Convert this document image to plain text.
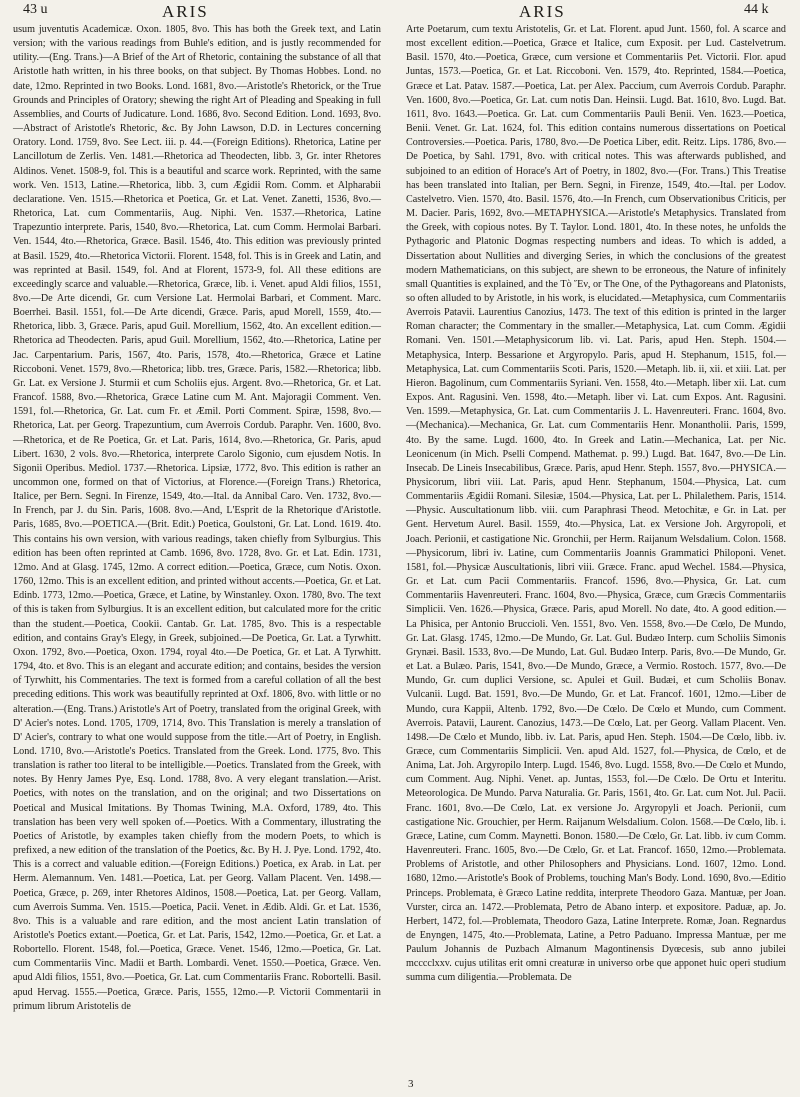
43 u	ARIS	ARIS	44 k

usum juventutis Academicæ. Oxon. 1805, 8vo. This has both the Greek text, and Latin version; with the various readings from Buhle's edition, and is justly recommended for utility.—(Eng. Trans.)—A Brief of the Art of Rhetoric, containing the substance of all that Aristotle hath written, in his three books, on that subject. By Thomas Hobbes. Lond. no date, 12mo. Reprinted in two Books. Lond. 1681, 8vo.—Aristotle's Rhetorick, or the True Grounds and Principles of Oratory; shewing the right Art of Pleading and Speaking in full Assemblies, and Courts of Judicature. Lond. 1686, 8vo. Second Edition. Lond. 1693, 8vo.—Abstract of Aristotle's Rhetoric, &c. By John Lawson, D.D. in Lectures concerning Oratory. Lond. 1759, 8vo. See Lect. iii. p. 44.—(Foreign Editions). Rhetorica, Latine per Lancillotum de Zerlis. Ven. 1481.—Rhetorica ad Theodecten, libb. 3, Gr. inter Rhetores Aldinos. Venet. 1508-9, fol. This is a beautiful and scarce work. Reprinted, with the same work. Ven. 1513, Latine.—Rhetorica, libb. 3, cum Ægidii Rom. Comm. et Alpharabii declaratione. Ven. 1515.—Rhetorica et Poetica, Gr. et Lat. Venet. Zanetti, 1536, 8vo.—Rhetorica, Lat. cum Commentariis, Aug. Niphi. Ven. 1537.—Rhetorica, Latine Trapezuntio interprete. Paris, 1540, 8vo.—Rhetorica, Lat. cum Comm. Hermolai Barbari. Ven. 1544, 4to.—Rhetorica, Græce. Basil. 1546, 4to. This edition was previously printed at Basil. 1529, 4to.—Rhetorica Victorii. Florent. 1548, fol. This is in Greek and Latin, and was reprinted at Basil. 1549, fol. And at Florent, 1573-9, fol. All these editions are exceedingly scarce and valuable.—Rhetorica, Græce, lib. i. Venet. apud Aldi filios, 1551, 8vo.—De Arte dicendi, Gr. cum Versione Lat. Hermolai Barbari, et Comment. Marc. Boerrhei. Basil. 1551, fol.—De Arte dicendi, Græce. Paris, apud Morell, 1559, 4to.—Rhetorica, libb. 3, Græce. Paris, apud Guil. Morellium, 1562, 4to. An excellent edition.—Rhetorica ad Theodecten. Paris, apud Guil. Morellium, 1562, 4to.—Rhetorica, Latine per Jac. Carpentarium. Paris, 1567, 4to. Paris, 1578, 4to.—Rhetorica, Græce et Latine Riccoboni. Venet. 1579, 8vo.—Rhetorica; libb. tres, Græce. Paris, 1582.—Rhetorica; libb. Gr. Lat. ex Versione J. Sturmii et cum Scholiis ejus. Argent. 8vo.—Rhetorica, Gr. et Lat. Francof. 1588, 8vo.—Rhetorica, Græce Latine cum M. Ant. Majoragii Comment. Ven. 1591, fol.—Rhetorica, Gr. Lat. cum Fr. et Æmil. Porti Comment. Spiræ, 1598, 8vo.—Rhetorica, Lat. per Georg. Trapezuntium, cum Averrois Cordub. Paraphr. Ven. 1600, 8vo.—Rhetorica, et de Re Poetica, Gr. et Lat. Paris, 1614, 8vo.—Rhetorica, Gr. Paris, apud Libert. 1630, 2 vols. 8vo.—Rhetorica, interprete Carolo Sigonio, cum ejusdem Notis. In Sigonii Operibus. Mediol. 1737.—Rhetorica. Lipsiæ, 1772, 8vo. This edition is rather an uncommon one, formed on that of Victorius, at Florence.—(Foreign Trans.) Rhetorica, Italice, per Bern. Segni. In Firenze, 1549, 4to.—Ital. da Annibal Caro. Ven. 1732, 8vo.—In French, par J. du Sin. Paris, 1608. 8vo.—And, L'Esprit de la Rhetorique d'Aristotle. Paris, 1685, 8vo.—POETICA.—(Brit. Edit.) Poetica, Goulstoni, Gr. Lat. Lond. 1619. 4to. This contains his own version, with various readings, taken chiefly from Sylburgius. This edition has been often reprinted at Camb. 1696, 8vo. 1728, 8vo. Gr. et Lat. Edin. 1731, 12mo. And at Glasg. 1745, 12mo. A correct edition.—Poetica, Græce, cum Notis. Oxon. 1760, 12mo. This is an excellent edition, and printed without accents.—Poetica, Gr. et Lat. Edinb. 1773, 12mo.—Poetica, Græce, et Latine, by Winstanley. Oxon. 1780, 8vo. The text of this is taken from Sylburgius. It is an excellent edition, but calculated more for the critic than the student.—Poetica, Cookii. Cantab. Gr. Lat. 1785, 8vo. This is a respectable edition, and contains Gray's Elegy, in Greek, subjoined.—De Poetica, Gr. Lat. a Tyrwhitt. Oxon. 1792, 8vo.—Poetica, Oxon. 1794, royal 4to.—De Poetica, Gr. et Lat. A Tyrwhitt. 1794, 4to. et 8vo. This is an elegant and accurate edition; and contains, besides the version of Tyrwhitt, his Commentaries. The text is formed from a careful collation of all the best preceding editions. This work was beautifully reprinted at Oxf. 1806, 8vo. with little or no alteration.—(Eng. Trans.) Aristotle's Art of Poetry, translated from the original Greek, with D' Acier's notes. Lond. 1705, 1709, 1714, 8vo. This Translation is merely a translation of D' Acier's, contrary to what one would suppose from the title.—Art of Poetry, in English. Lond. 1710, 8vo.—Aristotle's Poetics. Translated from the Greek. Lond. 1775, 8vo. This translation is rather too literal to be intelligible.—Poetics. Translated from the Greek, with notes. By Henry James Pye, Esq. Lond. 1788, 8vo. A very elegant translation.—Arist. Poetics, with notes on the translation, and on the original; and two Dissertations on Poetical and Musical Imitations. By Thomas Twining, M.A. Oxford, 1789, 4to. This translation has been very well spoken of.—Poetics. With a Commentary, illustrating the Poetics of Aristotle, by examples taken chiefly from the modern Poets, to which is prefixed, a new edition of the translation of the Poetics, &c. By H. J. Pye. Lond. 1792, 4to. This is a correct and valuable edition.—(Foreign Editions.) Poetica, ex Arab. in Lat. per Herm. Alemannum. Ven. 1481.—Poetica, Lat. per Georg. Vallam Placent. Ven. 1498.—Poetica, Græce, p. 269, inter Rhetores Aldinos, 1508.—Poetica, Lat. per Georg. Vallam, cum Averrois Summa. Ven. 1515.—Poetica, Pacii. Venet. in Ædib. Aldi. Gr. et Lat. 1536, 8vo. This is a valuable and rare edition, and the most ancient Latin translation of Aristotle's Poetics extant.—Poetica, Gr. et Lat. Paris, 1542, 12mo.—Poetica, Gr. et Lat. a Robortello. Florent. 1548, fol.—Poetica, Græce. Venet. 1546, 12mo.—Poetica, Gr. Lat. cum Commentariis Vinc. Madii et Barth. Lombardi. Venet. 1550.—Poetica, Græce. Ven. apud Aldi filios, 1551, 8vo.—Poetica, Gr. Lat. cum Commentariis Franc. Robortelli. Basil. apud Hervag. 1555.—Poetica, Græce. Paris, 1555, 12mo.—P. Victorii Commentarii in primum librum Aristotelis de

Arte Poetarum, cum textu Aristotelis, Gr. et Lat. Florent. apud Junt. 1560, fol. A scarce and most excellent edition.—Poetica, Græce et Italice, cum Exposit. per Lud. Castelvetrum. Basil. 1570, 4to.—Poetica, Græce, cum versione et Commentariis Pet. Victorii. Flor. apud Juntas, 1573.—Poetica, Gr. et Lat. Riccoboni. Ven. 1579, 4to. Reprinted, 1584.—Poetica, Græce et Lat. Patav. 1587.—Poetica, Lat. per Alex. Paccium, cum Averrois Cordub. Paraphr. Ven. 1600, 8vo.—Poetica, Gr. Lat. cum notis Dan. Heinsii. Lugd. Bat. 1610, 8vo. Lugd. Bat. 1611, 8vo. 1643.—Poetica. Gr. Lat. cum Commentariis Pauli Benii. Ven. 1623.—Poetica, Benii. Venet. Gr. Lat. 1624, fol. This edition contains numerous dissertations on Poetical Controversies.—Poetica. Paris, 1780, 8vo.—De Poetica Liber, edit. Reitz. Lips. 1786, 8vo.—De Poetica, by Sahl. 1791, 8vo. with critical notes. This was afterwards published, and subjoined to an edition of Horace's Art of Poetry, in 1802, 8vo.—(For. Trans.) This Treatise has been translated into Italian, per Bern. Segni, in Firenze, 1549, 4to.—Ital. per Lodov. Castelvetro. Vien. 1570, 4to. Basil. 1576, 4to.—In French, cum Observationibus Criticis, per M. Dacier. Paris, 1692, 8vo.—METAPHYSICA.—Aristotle's Metaphysics. Translated from the Greek, with copious notes. By T. Taylor. Lond. 1801, 4to. In these notes, he unfolds the Pythagoric and Platonic Dogmas respecting numbers and ideas. To which is added, a Dissertation about Nullities and diverging Series, in which the conclusions of the greatest modern Mathematicians, on this subject, are shewn to be erroneous, the Nature of infinitely small Quantities is explained, and the Τὸ Ἕν, or The One, of the Pythagoreans and Platonists, so often alluded to by Aristotle, in his work, is elucidated.—Metaphysica, cum Commentariis Averrois Patavii. Laurentius Canozius, 1473. The text of this edition is printed in the larger Roman character; the Commentary in the smaller.—Metaphysica, Lat. cum Comm. Ægidii Romani. Ven. 1501.—Metaphysicorum lib. vi. Lat. Paris, apud Hen. Steph. 1504.—Metaphysica, Interp. Bessarione et Argyropylo. Paris, apud H. Stephanum, 1515, fol.—Metaphysica, Lat. cum Commentariis Scoti. Paris, 1520.—Metaph. lib. ii, xii. et xiii. Lat. per Hieron. Bagolinum, cum Commentariis Syriani. Ven. 1558, 4to.—Metaph. liber xii. Lat. cum Expos. Ant. Ragusini. Ven. 1598, 4to.—Metaph. liber vi. Lat. cum Expos. Ant. Ragusini. Ven. 1599.—Metaphysica, Gr. Lat. cum Commentariis J. L. Havenreuteri. Franc. 1604, 8vo.—(Mechanica).—Mechanica, Gr. Lat. cum Commentariis Henr. Monantholii. Paris, 1599, 4to. By the same. Lugd. 1600, 4to. In Greek and Latin.—Mechanica, Lat. per Nic. Leonicenum (in Mich. Pselli Compend. Mathemat. p. 99.) Lugd. Bat. 1647, 8vo.—De Lin. Insecab. De Lineis Insecabilibus, Græce. Paris, apud Henr. Steph. 1557, 8vo.—PHYSICA.—Physicorum, libri viii. Lat. Paris, apud Henr. Stephanum, 1504.—Physica, Lat. cum Commentariis Ægidii Romani. Silesiæ, 1504.—Physica, Lat. per L. Philalethem. Paris, 1514.—Physic. Auscultationum libb. viii. cum Paraphrasi Theod. Metochitæ, e Gr. in Lat. per Gent. Hervetum Aurel. Basil. 1559, 4to.—Physica, Lat. ex Versione Joh. Argyropoli, et Joach. Perionii, et castigatione Nic. Gronchii, per Herm. Raijanum Welsdalium. Colon. 1568.—Physicorum, libri iv. Latine, cum Commentariis Joannis Grammatici Philoponi. Venet. 1581, fol.—Physicæ Auscultationis, libri viii. Græce. Franc. apud Wechel. 1584.—Physica, Gr. et Lat. cum Pacii Commentariis. Francof. 1596, 8vo.—Physica, Gr. Lat. cum Commentariis Havenreuteri. Franc. 1604, 8vo.—Physica, Græce, cum Græcis Commentariis Simplicii. Ven. 1626.—Physica, Græce. Paris, apud Morell. No date, 4to. A good edition.—La Phisica, per Antonio Bruccioli. Ven. 1551, 8vo. Ven. 1558, 8vo.—De Cœlo, De Mundo, Gr. Lat. Glasg. 1745, 12mo.—De Mundo, Gr. Lat. Gul. Budæo Interp. cum Scholiis Simonis Grynæi. Basil. 1533, 8vo.—De Mundo, Lat. Gul. Budæo Interp. Paris, 8vo.—De Mundo, Gr. et Lat. a Bulæo. Paris, 1541, 8vo.—De Mundo, Græce, a Vermio. Rostoch. 1577, 8vo.—De Mundo, Gr. cum duplici Versione, sc. Apulei et Guil. Budæi, et cum Scholiis Bonav. Vulcanii. Lugd. Bat. 1591, 8vo.—De Mundo, Gr. et Lat. Francof. 1601, 12mo.—Liber de Mundo, cura Kappii, Altenb. 1792, 8vo.—De Cœlo. De Cœlo et Mundo, cum Comment. Averrois. Patavii, Laurent. Canozius, 1473.—De Cœlo, Lat. per Georg. Vallam Placent. Ven. 1498.—De Cœlo et Mundo, libb. iv. Lat. Paris, apud Hen. Steph. 1504.—De Cœlo, libb. iv. Græce, cum Commentariis Simplicii. Ven. apud Ald. 1527, fol.—Physica, de Cœlo, et de Anima, Lat. Joh. Argyropilo Interp. Lugd. 1546, 8vo. Lugd. 1558, 8vo.—De Cœlo et Mundo, cum Comment. Aug. Niphi. Venet. ap. Juntas, 1553, fol.—De Cœlo. De Ortu et Interitu. Meteorologica. De Mundo. Parva Naturalia. Gr. Paris, 1561, 4to. Gr. Lat. cum Not. Jul. Pacii. Franc. 1601, 8vo.—De Cœlo, Lat. ex versione Jo. Argyropyli et Joach. Perionii, cum castigatione Nic. Grouchier, per Herm. Raijanum Welsdalium. Colon. 1568.—De Cœlo, lib. i. Græce, Latine, cum Comm. Maynetti. Bonon. 1580.—De Cœlo, Gr. Lat. libb. iv cum Comm. Havenreuteri. Franc. 1605, 8vo.—De Cœlo, Gr. et Lat. Francof. 1650, 12mo.—Problemata. Problems of Aristotle, and other Philosophers and Physicians. Lond. 1607, 12mo. Lond. 1680, 12mo.—Aristotle's Book of Problems, touching Man's Body. Lond. 1690, 8vo.—Editio Princeps. Problemata, è Græco Latine reddita, interprete Theodoro Gaza. Mantuæ, per Joan. Vurster, circa an. 1472.—Problemata, Petro de Abano interp. et expositore. Paduæ, ap. Jo. Herbert, 1472, fol.—Problemata, Theodoro Gaza, Latine Interprete. Romæ, Joan. Regnardus de Enyngen, 1475, 4to.—Problemata, Latine, a Petro Paduano. Impressa Mantuæ, per me Paulum Johannis de Puzbach Almanum Magontinensis Dyœcesis, sub anno jubilei mcccclxxv. cujus utilitas erit omni creaturæ in universo orbe que apponet huic operi studium summa cum diligentia.—Problemata. De

3
